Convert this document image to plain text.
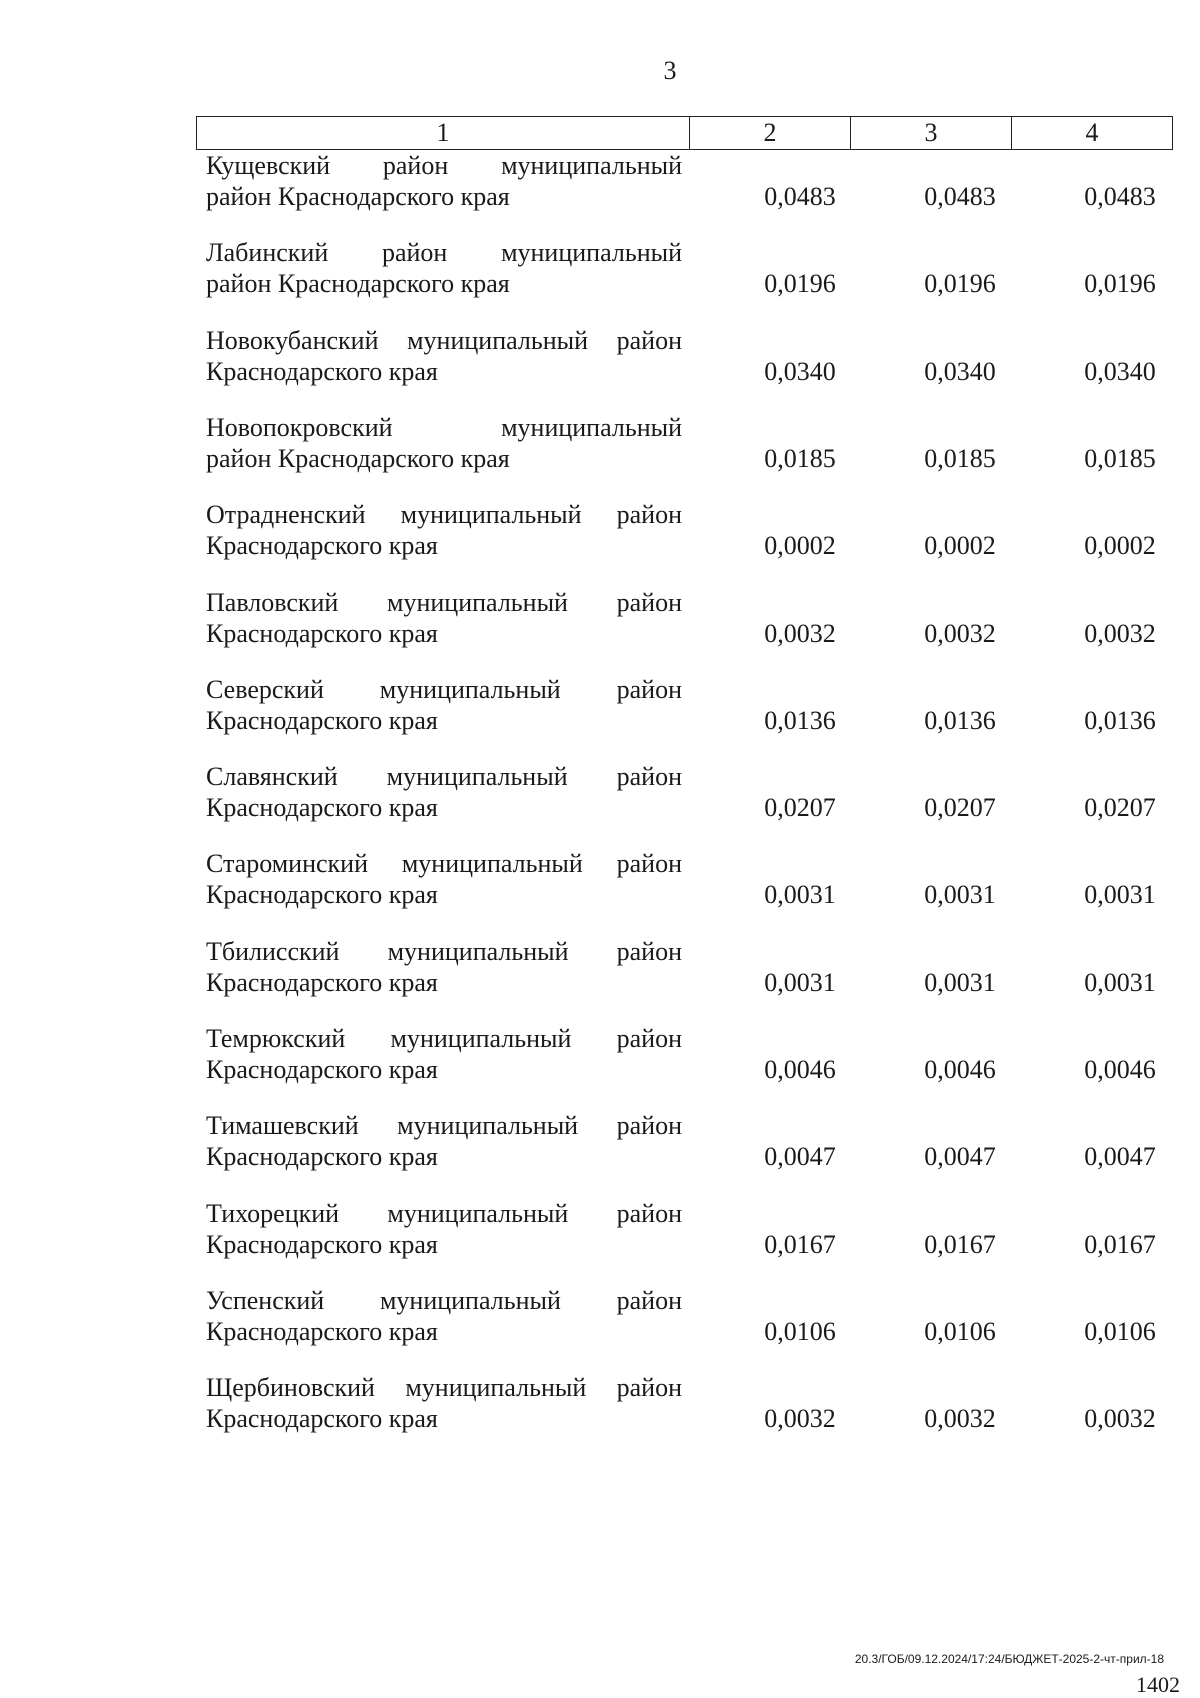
3
1	2	3	4
Кущевский район муниципальный
район Краснодарского края	0,0483	0,0483	0,0483
Лабинский район муниципальный
район Краснодарского края	0,0196	0,0196	0,0196
Новокубанский муниципальный район
Краснодарского края	0,0340	0,0340	0,0340
Новопокровский муниципальный
район Краснодарского края	0,0185	0,0185	0,0185
Отрадненский муниципальный район
Краснодарского края	0,0002	0,0002	0,0002
Павловский муниципальный район
Краснодарского края	0,0032	0,0032	0,0032
Северский муниципальный район
Краснодарского края	0,0136	0,0136	0,0136
Славянский муниципальный район
Краснодарского края	0,0207	0,0207	0,0207
Староминский муниципальный район
Краснодарского края	0,0031	0,0031	0,0031
Тбилисский муниципальный район
Краснодарского края	0,0031	0,0031	0,0031
Темрюкский муниципальный район
Краснодарского края	0,0046	0,0046	0,0046
Тимашевский муниципальный район
Краснодарского края	0,0047	0,0047	0,0047
Тихорецкий муниципальный район
Краснодарского края	0,0167	0,0167	0,0167
Успенский муниципальный район
Краснодарского края	0,0106	0,0106	0,0106
Щербиновский муниципальный район
Краснодарского края	0,0032	0,0032	0,0032
20.3/ГОБ/09.12.2024/17:24/БЮДЖЕТ-2025-2-чт-прил-18
1402
